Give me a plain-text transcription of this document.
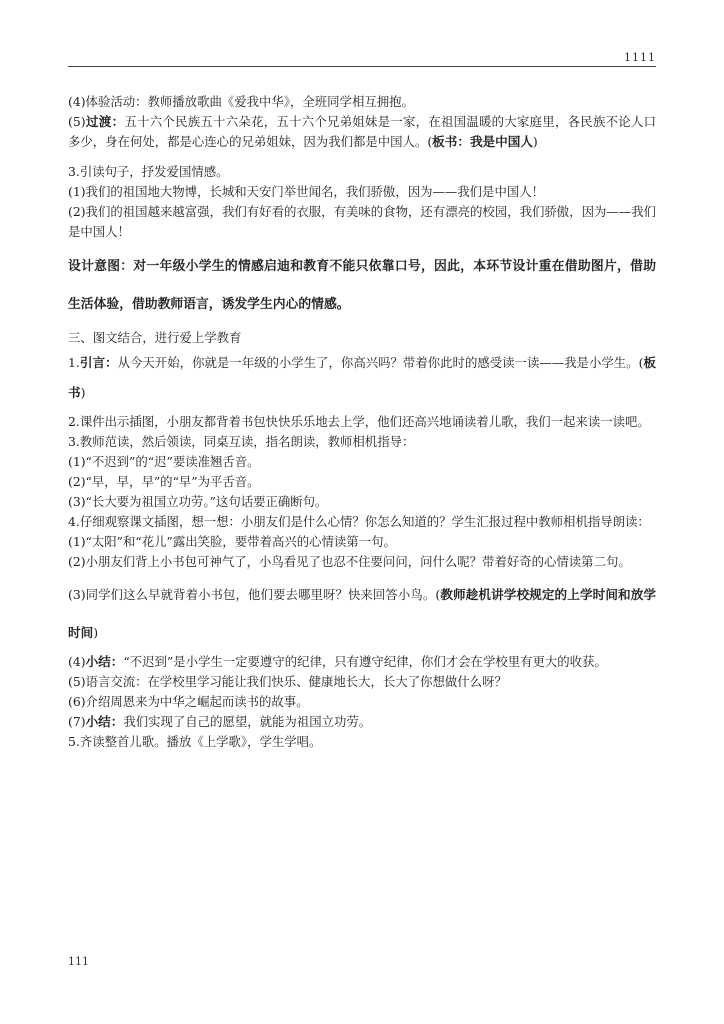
1111

(4)体验活动：教师播放歌曲《爱我中华》，全班同学相互拥抱。

(5)过渡：五十六个民族五十六朵花，五十六个兄弟姐妹是一家，在祖国温暖的大家庭里，各民族不论人口多少，身在何处，都是心连心的兄弟姐妹，因为我们都是中国人。(板书：我是中国人)

3.引读句子，抒发爱国情感。

(1)我们的祖国地大物博，长城和天安门举世闻名，我们骄傲，因为——我们是中国人！

(2)我们的祖国越来越富强，我们有好看的衣服，有美味的食物，还有漂亮的校园，我们骄傲，因为——我们是中国人！

设计意图：对一年级小学生的情感启迪和教育不能只依靠口号，因此，本环节设计重在借助图片，借助生活体验，借助教师语言，诱发学生内心的情感。

三、图文结合，进行爱上学教育

1.引言：从今天开始，你就是一年级的小学生了，你高兴吗？带着你此时的感受读一读——我是小学生。(板书)

2.课件出示插图，小朋友都背着书包快快乐乐地去上学，他们还高兴地诵读着儿歌，我们一起来读一读吧。

3.教师范读，然后领读，同桌互读，指名朗读，教师相机指导：

(1)“不迟到”的“迟”要读准翘舌音。

(2)“早，早，早”的“早”为平舌音。

(3)“长大要为祖国立功劳。”这句话要正确断句。

4.仔细观察课文插图，想一想：小朋友们是什么心情？你怎么知道的？学生汇报过程中教师相机指导朗读：

(1)“太阳”和“花儿”露出笑脸，要带着高兴的心情读第一句。

(2)小朋友们背上小书包可神气了，小鸟看见了也忍不住要问问，问什么呢？带着好奇的心情读第二句。

(3)同学们这么早就背着小书包，他们要去哪里呀？快来回答小鸟。(教师趁机讲学校规定的上学时间和放学时间)

(4)小结：“不迟到”是小学生一定要遵守的纪律，只有遵守纪律，你们才会在学校里有更大的收获。

(5)语言交流：在学校里学习能让我们快乐、健康地长大，长大了你想做什么呀？

(6)介绍周恩来为中华之崛起而读书的故事。

(7)小结：我们实现了自己的愿望，就能为祖国立功劳。

5.齐读整首儿歌。播放《上学歌》，学生学唱。

111
